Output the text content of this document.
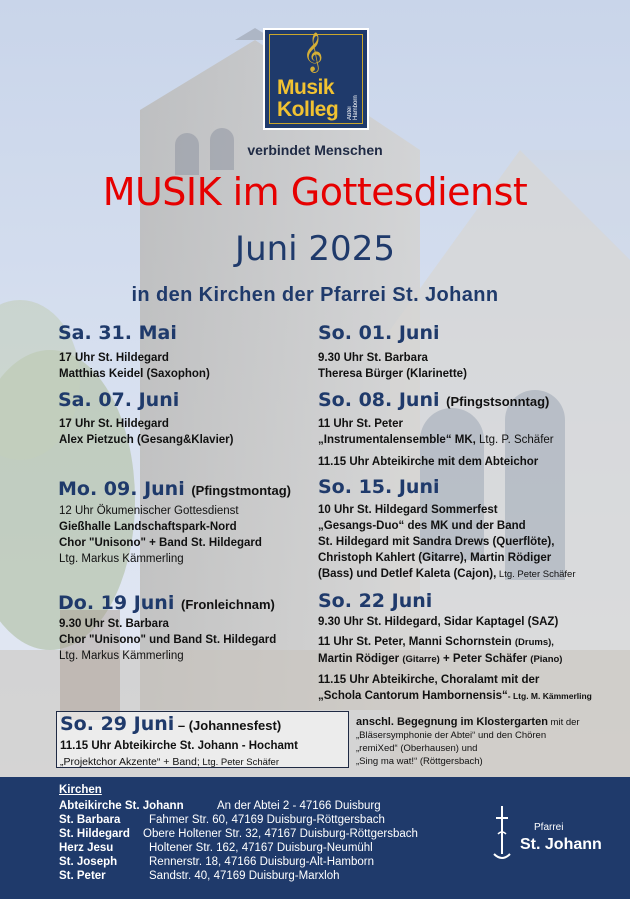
𝄞
Musik
Kolleg Abtei Hamborn
verbindet Menschen
MUSIK im Gottesdienst
Juni 2025
in den Kirchen der Pfarrei St. Johann
Sa. 31. Mai
17 Uhr St. Hildegard
Matthias Keidel (Saxophon)
Sa. 07. Juni
17 Uhr St. Hildegard
Alex Pietzuch (Gesang&Klavier)
Mo. 09. Juni (Pfingstmontag)
12 Uhr Ökumenischer Gottesdienst
Gießhalle Landschaftspark-Nord
Chor "Unisono" + Band St. Hildegard
Ltg. Markus Kämmerling
Do. 19 Juni (Fronleichnam)
9.30 Uhr St. Barbara
Chor "Unisono" und Band St. Hildegard
Ltg. Markus Kämmerling
So. 01. Juni
9.30 Uhr St. Barbara
Theresa Bürger (Klarinette)
So. 08. Juni (Pfingstsonntag)
11 Uhr St. Peter
„Instrumentalensemble“ MK, Ltg. P. Schäfer
11.15 Uhr Abteikirche mit dem Abteichor
So. 15. Juni
10 Uhr St. Hildegard Sommerfest
„Gesangs-Duo“ des MK und der Band
St. Hildegard mit Sandra Drews (Querflöte),
Christoph Kahlert (Gitarre), Martin Rödiger
(Bass) und Detlef Kaleta (Cajon), Ltg. Peter Schäfer
So. 22 Juni
9.30 Uhr St. Hildegard, Sidar Kaptagel (SAZ)
11 Uhr St. Peter, Manni Schornstein (Drums),
Martin Rödiger (Gitarre) + Peter Schäfer (Piano)
11.15 Uhr Abteikirche, Choralamt mit der
„Schola Cantorum Hambornensis“- Ltg. M. Kämmerling
So. 29 Juni – (Johannesfest)
11.15 Uhr Abteikirche St. Johann - Hochamt
„Projektchor Akzente“ + Band; Ltg. Peter Schäfer
anschl. Begegnung im Klostergarten mit der
„Bläsersymphonie der Abtei“ und den Chören
„remiXed“ (Oberhausen) und
„Sing ma wat!“ (Röttgersbach)
Kirchen
Abteikirche St. Johann	An der Abtei 2 - 47166 Duisburg
St. Barbara Fahmer Str. 60, 47169 Duisburg-Röttgersbach
St. Hildegard Obere Holtener Str. 32, 47167 Duisburg-Röttgersbach
Herz Jesu	Holtener Str. 162, 47167 Duisburg-Neumühl
St. Joseph	Rennerstr. 18, 47166 Duisburg-Alt-Hamborn
St. Peter	Sandstr. 40, 47169 Duisburg-Marxloh
Pfarrei
St. Johann
